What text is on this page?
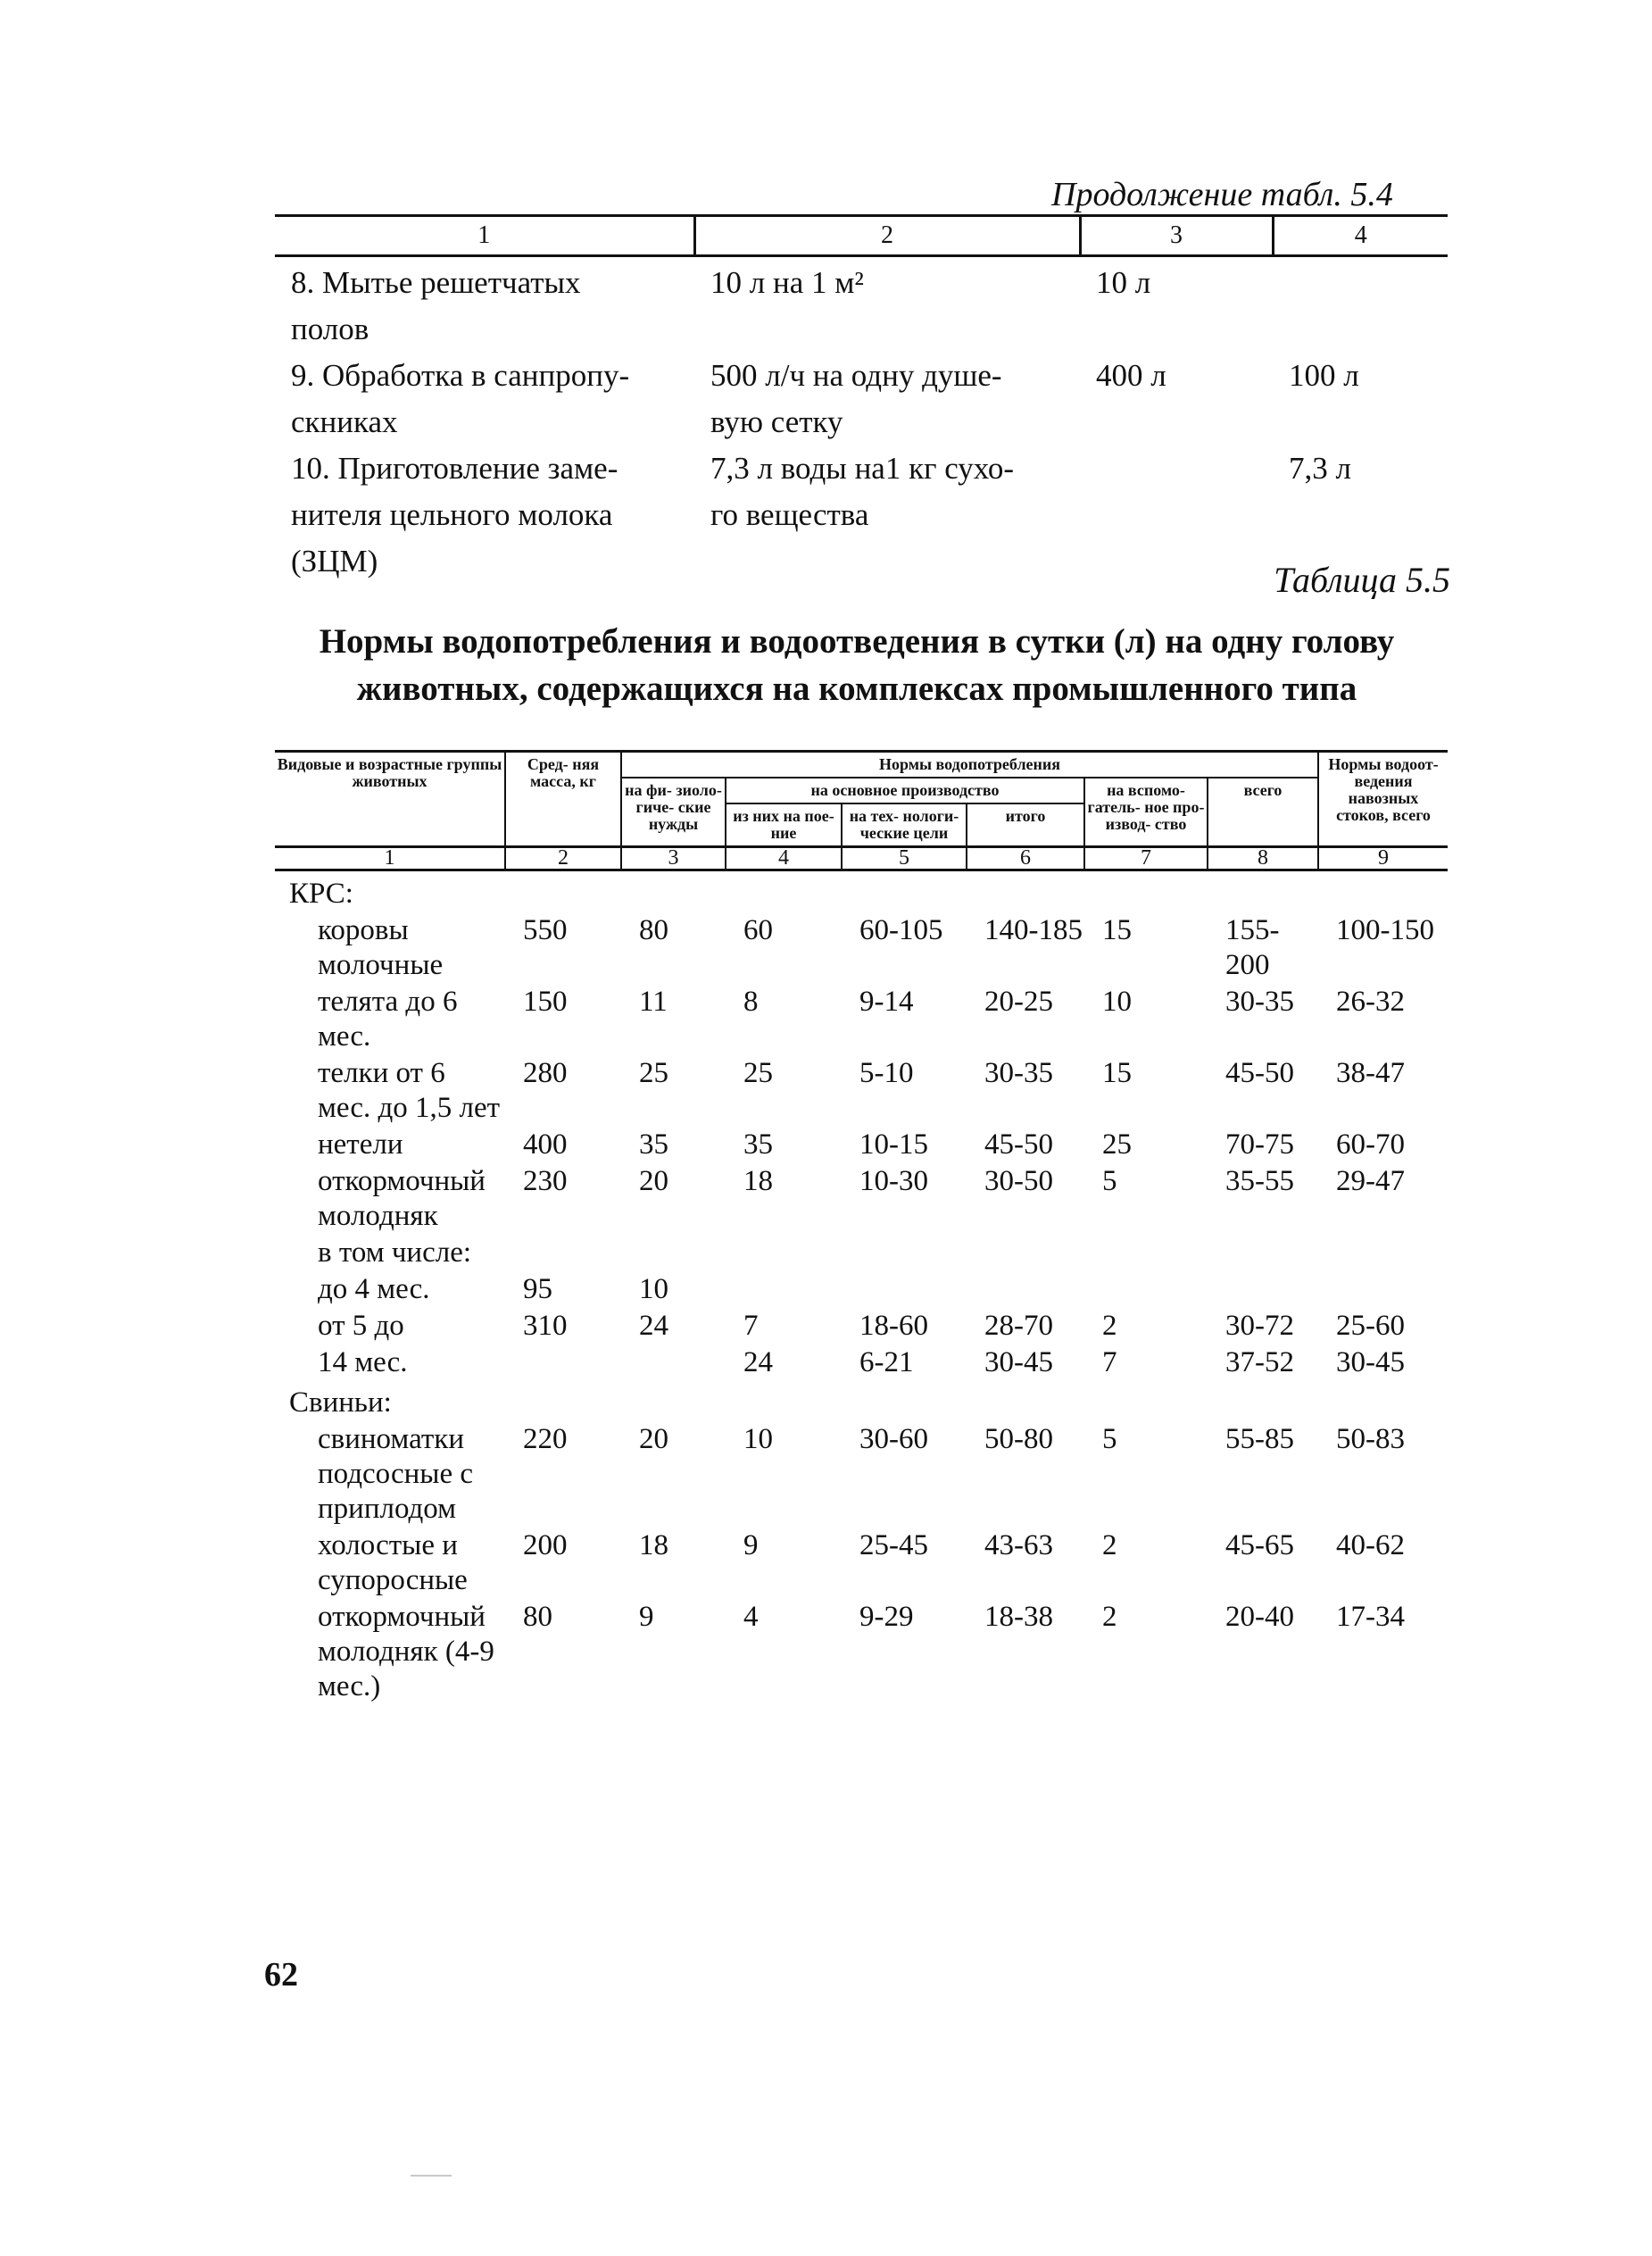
Продолжение табл. 5.4
1	2	3	4
8. Мытье решетчатых	10 л на 1 м²	10 л	
полов			
9. Обработка в санпропу-	500 л/ч на одну душе-	400 л	100 л
скниках	вую сетку		
10. Приготовление заме-	7,3 л воды на1 кг сухо-		7,3 л
нителя цельного молока	го вещества		
(ЗЦМ)				Таблица 5.5
Нормы водопотребления и водоотведения в сутки (л) на одну голову
животных, содержащихся на комплексах промышленного типа
Видовые и возрастные группы животных	Сред- няя масса, кг	Нормы водопотребления						Нормы водоот- ведения навозных стоков, всего
		на фи- зиоло- гиче- ские нужды	на основное производство			на вспомо- гатель- ное про- извод- ство	всего	
			из них на пое- ние	на тех- нологи- ческие цели	итого			
1	2	3	4	5	6	7	8	9
КРС:								
коровы молочные	550	80	60	60-105	140-185	15	155-200	100-150
телята до 6 мес.	150	11	8	9-14	20-25	10	30-35	26-32
телки от 6 мес. до 1,5 лет	280	25	25	5-10	30-35	15	45-50	38-47
нетели	400	35	35	10-15	45-50	25	70-75	60-70
откормочный молодняк	230	20	18	10-30	30-50	5	35-55	29-47
в том числе:								
до 4 мес.	95	10						
от 5 до	310	24	7	18-60	28-70	2	30-72	25-60
14 мес.			24	6-21	30-45	7	37-52	30-45
Свиньи:								
свиноматки подсосные с приплодом	220	20	10	30-60	50-80	5	55-85	50-83
холостые и супоросные	200	18	9	25-45	43-63	2	45-65	40-62
откормочный молодняк (4-9 мес.)	80	9	4	9-29	18-38	2	20-40	17-34
62
